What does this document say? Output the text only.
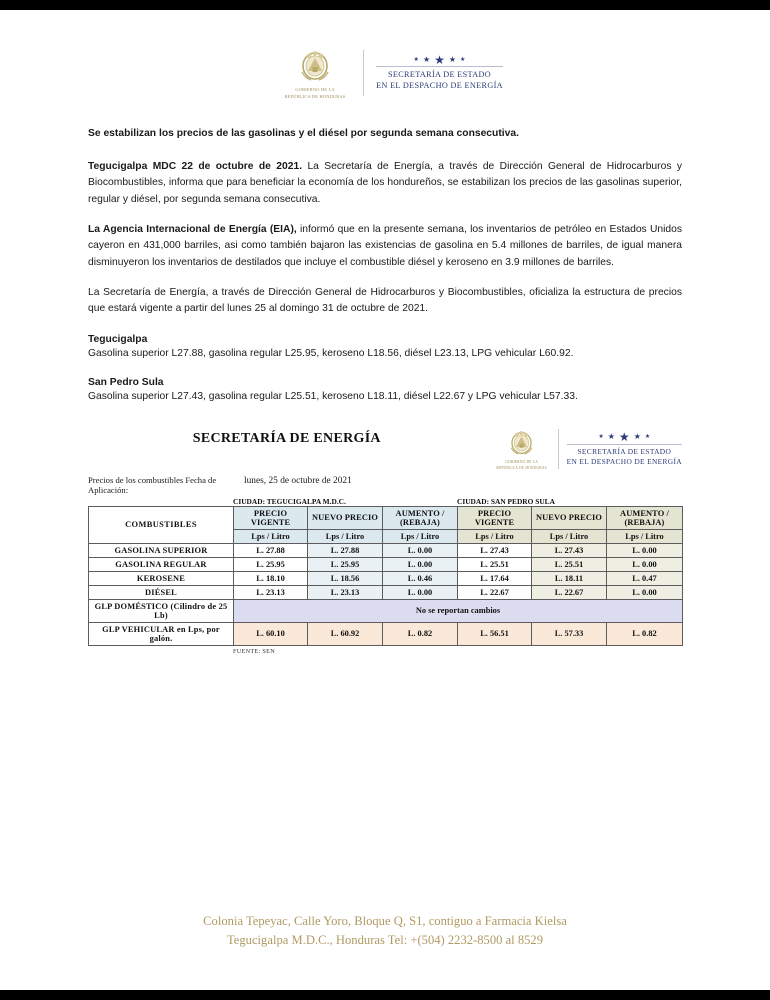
GOBIERNO DE LA
REPÚBLICA DE HONDURAS
★ ★ ★ ★ ★
SECRETARÍA DE ESTADO
EN EL DESPACHO DE ENERGÍA

Se estabilizan los precios de las gasolinas y el diésel por segunda semana consecutiva.

Tegucigalpa MDC 22 de octubre de 2021. La Secretaría de Energía, a través de Dirección General de Hidrocarburos y Biocombustibles, informa que para beneficiar la economía de los hondureños, se estabilizan los precios de las gasolinas superior, regular y diésel, por segunda semana consecutiva.

La Agencia Internacional de Energía (EIA), informó que en la presente semana, los inventarios de petróleo en Estados Unidos cayeron en 431,000 barriles, asi como también bajaron las existencias de gasolina en 5.4 millones de barriles, de igual manera disminuyeron los inventarios de destilados que incluye el combustible diésel y keroseno en 3.9 millones de barriles.

La Secretaría de Energía, a través de Dirección General de Hidrocarburos y Biocombustibles, oficializa la estructura de precios que estará vigente a partir del lunes 25 al domingo 31 de octubre de 2021.

Tegucigalpa

Gasolina superior L27.88, gasolina regular L25.95, keroseno L18.56, diésel L23.13, LPG vehicular L60.92.

San Pedro Sula

Gasolina superior L27.43, gasolina regular L25.51, keroseno L18.11, diésel L22.67 y LPG vehicular L57.33.

SECRETARÍA DE ENERGÍA
GOBIERNO DE LA
REPÚBLICA DE HONDURAS
★ ★ ★ ★ ★
SECRETARÍA DE ESTADO
EN EL DESPACHO DE ENERGÍA
Precios de los combustibles Fecha de Aplicación:
lunes, 25 de octubre de 2021
CIUDAD: TEGUCIGALPA M.D.C.	CIUDAD: SAN PEDRO SULA
COMBUSTIBLES	PRECIO VIGENTE	NUEVO PRECIO	AUMENTO / (REBAJA)	PRECIO VIGENTE	NUEVO PRECIO	AUMENTO / (REBAJA)
	Lps / Litro	Lps / Litro	Lps / Litro	Lps / Litro	Lps / Litro	Lps / Litro
GASOLINA SUPERIOR	L. 27.88	L. 27.88	L. 0.00	L. 27.43	L. 27.43	L. 0.00
GASOLINA REGULAR	L. 25.95	L. 25.95	L. 0.00	L. 25.51	L. 25.51	L. 0.00
KEROSENE	L. 18.10	L. 18.56	L. 0.46	L. 17.64	L. 18.11	L. 0.47
DIÉSEL	L. 23.13	L. 23.13	L. 0.00	L. 22.67	L. 22.67	L. 0.00
GLP DOMÉSTICO (Cilindro de 25 Lb)	No se reportan cambios					
GLP VEHICULAR en Lps, por galón.	L. 60.10	L. 60.92	L. 0.82	L. 56.51	L. 57.33	L. 0.82
FUENTE: SEN
Colonia Tepeyac, Calle Yoro, Bloque Q, S1, contiguo a Farmacia Kielsa
Tegucigalpa M.D.C., Honduras Tel: +(504) 2232-8500 al 8529
